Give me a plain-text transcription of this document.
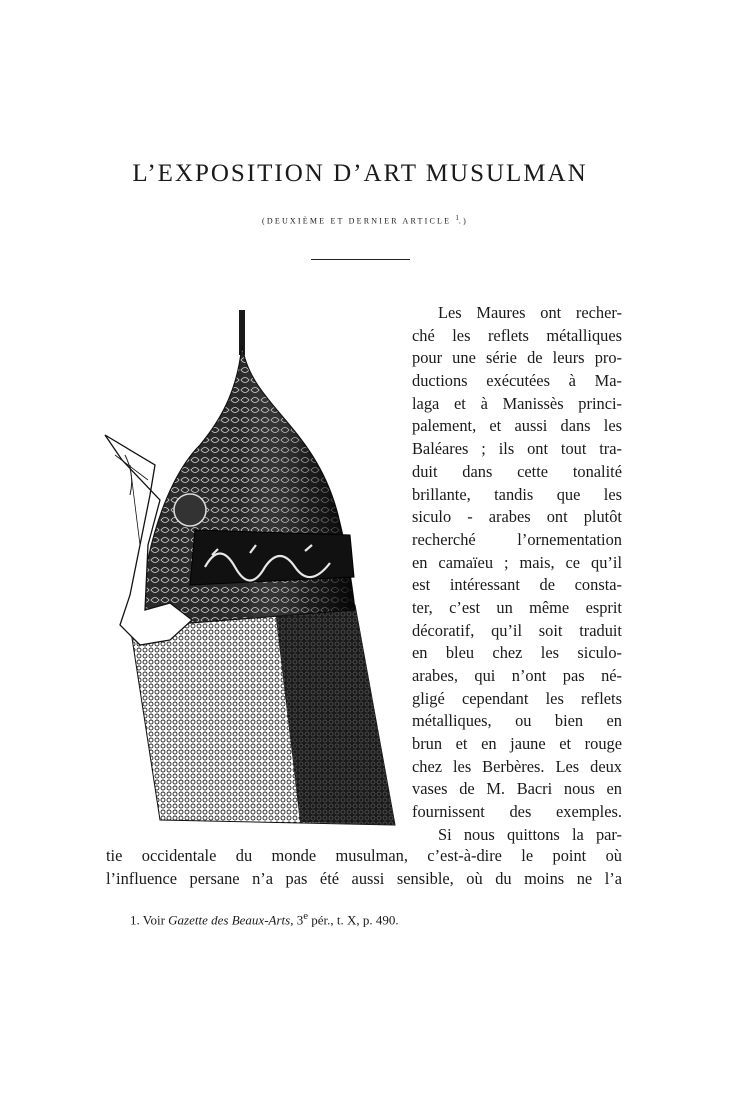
L’EXPOSITION D’ART MUSULMAN

(DEUXIÈME ET DERNIER ARTICLE $^1$.)

Les Maures ont recher-
ché les reflets métalliques
pour une série de leurs pro-
ductions exécutées à Ma-
laga et à Manissès princi-
palement, et aussi dans les
Baléares ; ils ont tout tra-
duit dans cette tonalité
brillante, tandis que les
siculo - arabes ont plutôt
recherché l’ornementation
en camaïeu ; mais, ce qu’il
est intéressant de consta-
ter, c’est un même esprit
décoratif, qu’il soit traduit
en bleu chez les siculo-
arabes, qui n’ont pas né-
gligé cependant les reflets
métalliques, ou bien en
brun et en jaune et rouge
chez les Berbères. Les deux
vases de M. Bacri nous en
fournissent des exemples.
Si nous quittons la par-
tie occidentale du monde musulman, c’est-à-dire le point où
l’influence persane n’a pas été aussi sensible, où du moins ne l’a
1. Voir Gazette des Beaux-Arts, 3e pér., t. X, p. 490.
